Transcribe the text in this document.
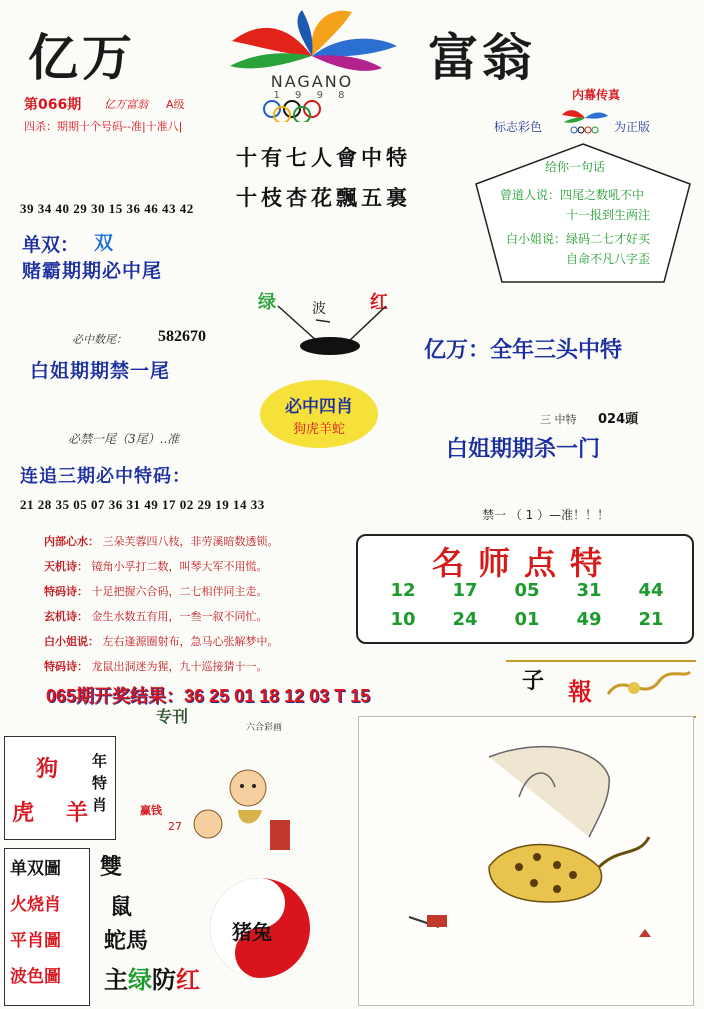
亿万	富翁
NAGANO
1 9 9 8
第066期 亿万富翁 A级
四杀：期期十个号码--准|十准八|
十有七人會中特
十枝杏花飄五裏
内幕传真
标志彩色	为正版
给你一句话
曾道人说：四尾之数吼不中
十一报到生两注
白小姐说：绿码二七才好买
自命不凡八字歪
39 34 40 29 30 15 36 46 43 42
单双： 双
赌霸期期必中尾
绿	波 红
必中数尾： 582670
白姐期期禁一尾
亿万：全年三头中特
必中四肖
狗虎羊蛇
三 中特 024頭
必禁一尾（3尾）..准	白姐期期杀一门
连追三期必中特码：
21 28 35 05 07 36 31 49 17 02 29 19 14 33
禁一 （ 1 ）—准！！！
内部心水： 三朵芙蓉四八枝，非劳溪暗数透锁。
天机诗： 镜角小孚打二数，叫琴大军不用慌。
特码诗： 十足把握六合码，二七相伴同主走。
玄机诗： 金生水数五有用，一叁一叙不同忙。
白小姐说： 左右逢源圈射布，急马心张解梦中。
特码诗： 龙鼠出洞迷为猩，九十巡接猜十一。
名师点特
12 17 05 31 44
10 24 01 49 21
065期开奖结果：36 25 01 18 12 03 T 15
专刊
六合彩画
子 報
狗
虎 羊
年特肖	赢钱
27
单双圖
火烧肖
平肖圖
波色圖
雙
鼠
蛇馬	猪兔
主绿防红
